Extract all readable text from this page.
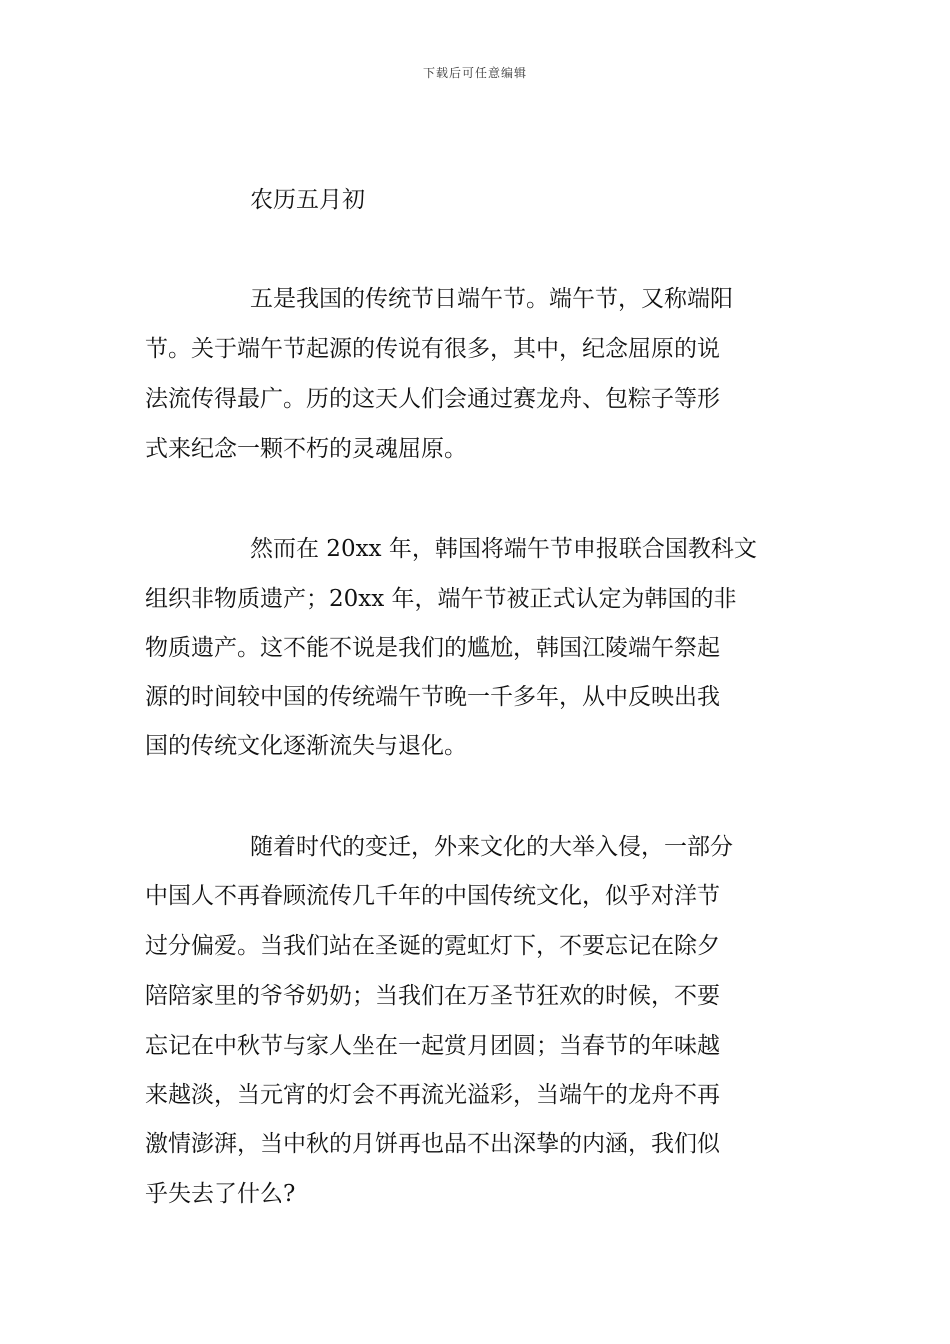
下载后可任意编辑
农历五月初
五是我国的传统节日端午节。端午节，又称端阳
节。关于端午节起源的传说有很多，其中，纪念屈原的说
法流传得最广。历的这天人们会通过赛龙舟、包粽子等形
式来纪念一颗不朽的灵魂屈原。
然而在 20xx 年，韩国将端午节申报联合国教科文
组织非物质遗产；20xx 年，端午节被正式认定为韩国的非
物质遗产。这不能不说是我们的尴尬，韩国江陵端午祭起
源的时间较中国的传统端午节晚一千多年，从中反映出我
国的传统文化逐渐流失与退化。
随着时代的变迁，外来文化的大举入侵，一部分
中国人不再眷顾流传几千年的中国传统文化，似乎对洋节
过分偏爱。当我们站在圣诞的霓虹灯下，不要忘记在除夕
陪陪家里的爷爷奶奶；当我们在万圣节狂欢的时候，不要
忘记在中秋节与家人坐在一起赏月团圆；当春节的年味越
来越淡，当元宵的灯会不再流光溢彩，当端午的龙舟不再
激情澎湃，当中秋的月饼再也品不出深挚的内涵，我们似
乎失去了什么?
